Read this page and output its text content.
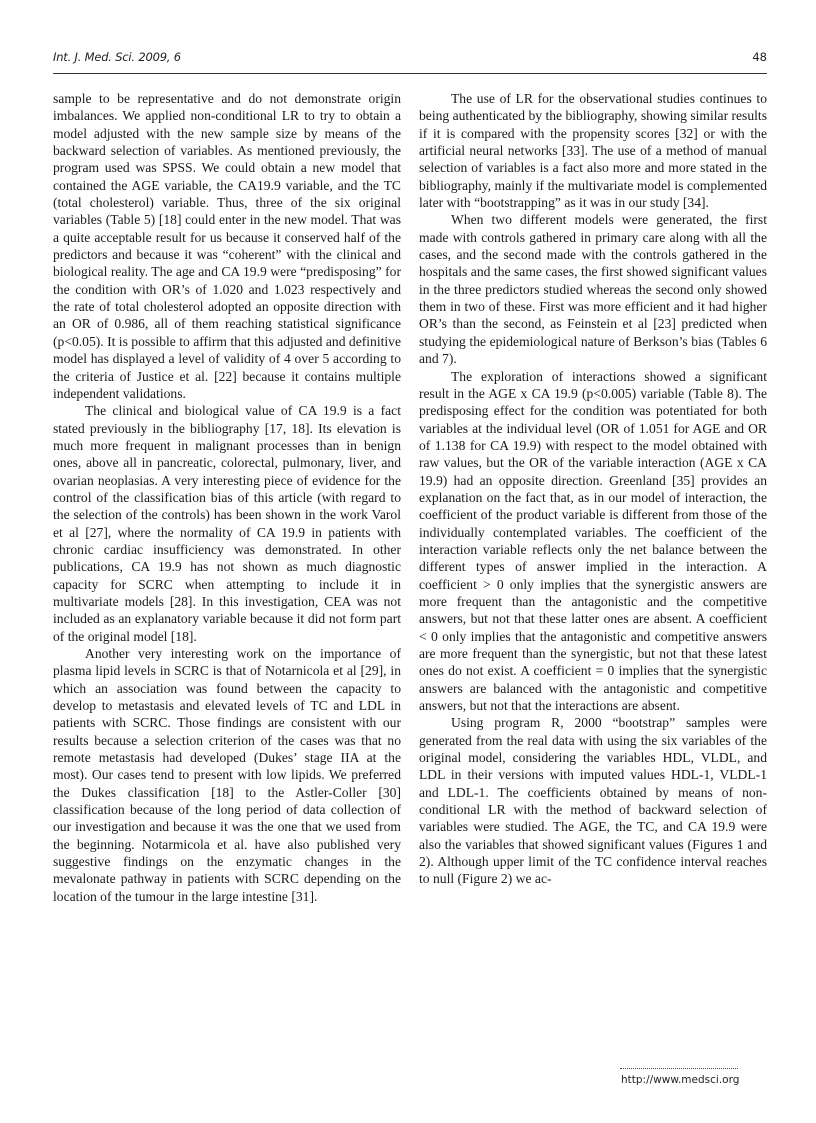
Int. J. Med. Sci. 2009, 6	48

sample to be representative and do not demonstrate origin imbalances. We applied non-conditional LR to try to obtain a model adjusted with the new sample size by means of the backward selection of variables. As mentioned previously, the program used was SPSS. We could obtain a new model that contained the AGE variable, the CA19.9 variable, and the TC (total cholesterol) variable. Thus, three of the six original variables (Table 5) [18] could enter in the new model. That was a quite acceptable result for us because it conserved half of the predictors and because it was “coherent” with the clinical and biological reality. The age and CA 19.9 were “predisposing” for the condition with OR’s of 1.020 and 1.023 respectively and the rate of total cholesterol adopted an opposite direction with an OR of 0.986, all of them reaching statistical significance (p<0.05). It is possible to affirm that this adjusted and definitive model has displayed a level of validity of 4 over 5 according to the criteria of Justice et al. [22] because it contains multiple independent validations.

The clinical and biological value of CA 19.9 is a fact stated previously in the bibliography [17, 18]. Its elevation is much more frequent in malignant processes than in benign ones, above all in pancreatic, colorectal, pulmonary, liver, and ovarian neoplasias. A very interesting piece of evidence for the control of the classification bias of this article (with regard to the selection of the controls) has been shown in the work Varol et al [27], where the normality of CA 19.9 in patients with chronic cardiac insufficiency was demonstrated. In other publications, CA 19.9 has not shown as much diagnostic capacity for SCRC when attempting to include it in multivariate models [28]. In this investigation, CEA was not included as an explanatory variable because it did not form part of the original model [18].

Another very interesting work on the importance of plasma lipid levels in SCRC is that of Notarnicola et al [29], in which an association was found between the capacity to develop to metastasis and elevated levels of TC and LDL in patients with SCRC. Those findings are consistent with our results because a selection criterion of the cases was that no remote metastasis had developed (Dukes’ stage IIA at the most). Our cases tend to present with low lipids. We preferred the Dukes classification [18] to the Astler-Coller [30] classification because of the long period of data collection of our investigation and because it was the one that we used from the beginning. Notarmicola et al. have also published very suggestive findings on the enzymatic changes in the mevalonate pathway in patients with SCRC depending on the location of the tumour in the large intestine [31].

The use of LR for the observational studies continues to being authenticated by the bibliography, showing similar results if it is compared with the propensity scores [32] or with the artificial neural networks [33]. The use of a method of manual selection of variables is a fact also more and more stated in the bibliography, mainly if the multivariate model is complemented later with “bootstrapping” as it was in our study [34].

When two different models were generated, the first made with controls gathered in primary care along with all the cases, and the second made with the controls gathered in the hospitals and the same cases, the first showed significant values in the three predictors studied whereas the second only showed them in two of these. First was more efficient and it had higher OR’s than the second, as Feinstein et al [23] predicted when studying the epidemiological nature of Berkson’s bias (Tables 6 and 7).

The exploration of interactions showed a significant result in the AGE x CA 19.9 (p<0.005) variable (Table 8). The predisposing effect for the condition was potentiated for both variables at the individual level (OR of 1.051 for AGE and OR of 1.138 for CA 19.9) with respect to the model obtained with raw values, but the OR of the variable interaction (AGE x CA 19.9) had an opposite direction. Greenland [35] provides an explanation on the fact that, as in our model of interaction, the coefficient of the product variable is different from those of the individually contemplated variables. The coefficient of the interaction variable reflects only the net balance between the different types of answer implied in the interaction. A coefficient > 0 only implies that the synergistic answers are more frequent than the antagonistic and the competitive answers, but not that these latter ones are absent. A coefficient < 0 only implies that the antagonistic and competitive answers are more frequent than the synergistic, but not that these latest ones do not exist. A coefficient = 0 implies that the synergistic answers are balanced with the antagonistic and competitive answers, but not that the interactions are absent.

Using program R, 2000 “bootstrap” samples were generated from the real data with using the six variables of the original model, considering the variables HDL, VLDL, and LDL in their versions with imputed values HDL-1, VLDL-1 and LDL-1. The coefficients obtained by means of non-conditional LR with the method of backward selection of variables were studied. The AGE, the TC, and CA 19.9 were also the variables that showed significant values (Figures 1 and 2). Although upper limit of the TC confidence interval reaches to null (Figure 2) we ac-

http://www.medsci.org
